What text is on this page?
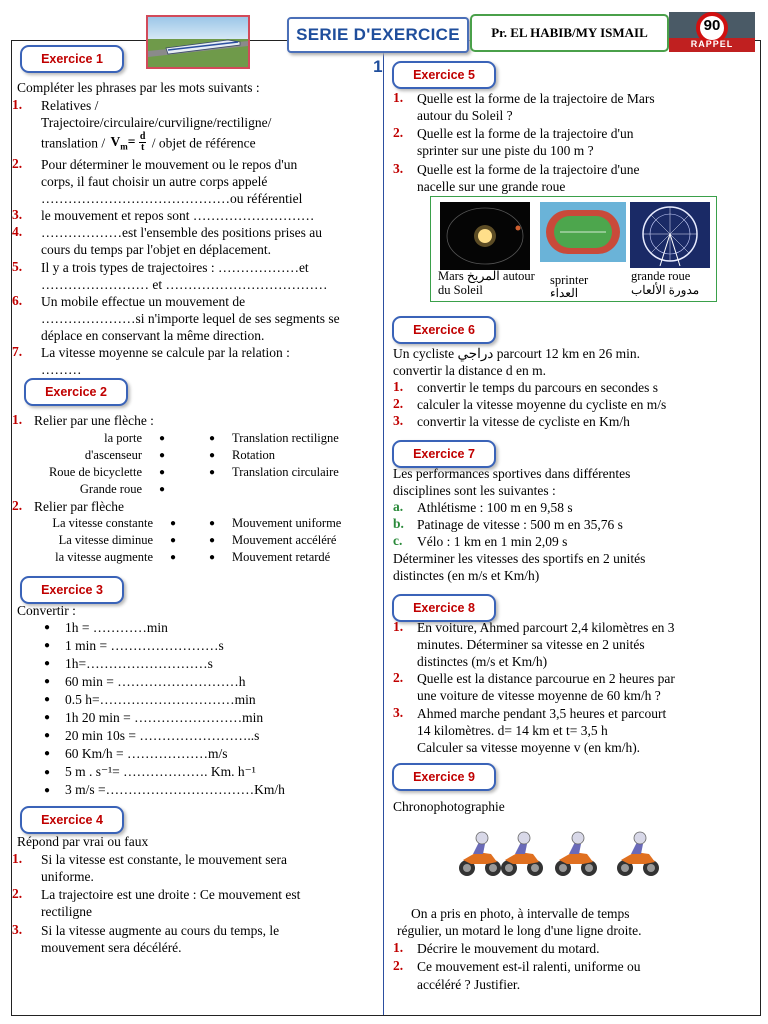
SERIE D'EXERCICE 1
Pr. EL HABIB/MY ISMAIL	90
RAPPEL
Exercice 1
Compléter les phrases par les mots suivants :
1. Relatives /
Trajectoire/circulaire/curviligne/rectiligne/
translation / $V_m= \frac{d}{t}$ / objet de référence
2. Pour déterminer le mouvement ou le repos d'un
corps, il faut choisir un autre corps appelé
……………………………………ou référentiel
3. le mouvement et repos sont ………………………
4. ………………est l'ensemble des positions prises au
cours du temps par l'objet en déplacement.
5. Il y a trois types de trajectoires : ………………et
…………………… et ………………………………
6. Un mobile effectue un mouvement de
…………………si n'importe lequel de ses segments se
déplace en conservant la même direction.
7. La vitesse moyenne se calcule par la relation :
………
Exercice 2
1. Relier par une flèche :
la porte
d'ascenseur
Roue de bicyclette
Grande roue
●
●
●
●
●
●
●
Translation rectiligne
Rotation
Translation circulaire
2. Relier par flèche
La vitesse constante
La vitesse diminue
la vitesse augmente
●
●
●
●
●
●
Mouvement uniforme
Mouvement accéléré
Mouvement retardé
Exercice 3
Convertir :
● 1h = …………min
● 1 min = ……………………s
● 1h=………………………s
● 60 min = ………………………h
● 0.5 h=…………………………min
● 1h 20 min = ……………………min
● 20 min 10s = ……………………..s
● 60 Km/h = ………………m/s
● 5 m . s⁻¹= ………………. Km. h⁻¹
● 3 m/s =……………………………Km/h
Exercice 4
Répond par vrai ou faux
1. Si la vitesse est constante, le mouvement sera
uniforme.
2. La trajectoire est une droite : Ce mouvement est
rectiligne
3. Si la vitesse augmente au cours du temps, le
mouvement sera décéléré.
Exercice 5
1. Quelle est la forme de la trajectoire de Mars
autour du Soleil ?
2. Quelle est la forme de la trajectoire d'un
sprinter sur une piste du 100 m ?
3. Quelle est la forme de la trajectoire d'une
nacelle sur une grande roue
Mars المريخ autour
du Soleil
sprinter
العداء
grande roue
مدورة الألعاب
Exercice 6
Un cycliste دراجي parcourt 12 km en 26 min.
convertir la distance d en m.
1. convertir le temps du parcours en secondes s
2. calculer la vitesse moyenne du cycliste en m/s
3. convertir la vitesse de cycliste en Km/h
Exercice 7
Les performances sportives dans différentes
disciplines sont les suivantes :
a. Athlétisme : 100 m en 9,58 s
b. Patinage de vitesse : 500 m en 35,76 s
c. Vélo : 1 km en 1 min 2,09 s
Déterminer les vitesses des sportifs en 2 unités
distinctes (en m/s et Km/h)
Exercice 8
1. En voiture, Ahmed parcourt 2,4 kilomètres en 3
minutes. Déterminer sa vitesse en 2 unités
distinctes (m/s et Km/h)
2. Quelle est la distance parcourue en 2 heures par
une voiture de vitesse moyenne de 60 km/h ?
3. Ahmed marche pendant 3,5 heures et parcourt
14 kilomètres. d= 14 km et t= 3,5 h
Calculer sa vitesse moyenne v (en km/h).
Exercice 9
Chronophotographie
On a pris en photo, à intervalle de temps
régulier, un motard le long d'une ligne droite.
1. Décrire le mouvement du motard.
2. Ce mouvement est-il ralenti, uniforme ou
accéléré ? Justifier.
